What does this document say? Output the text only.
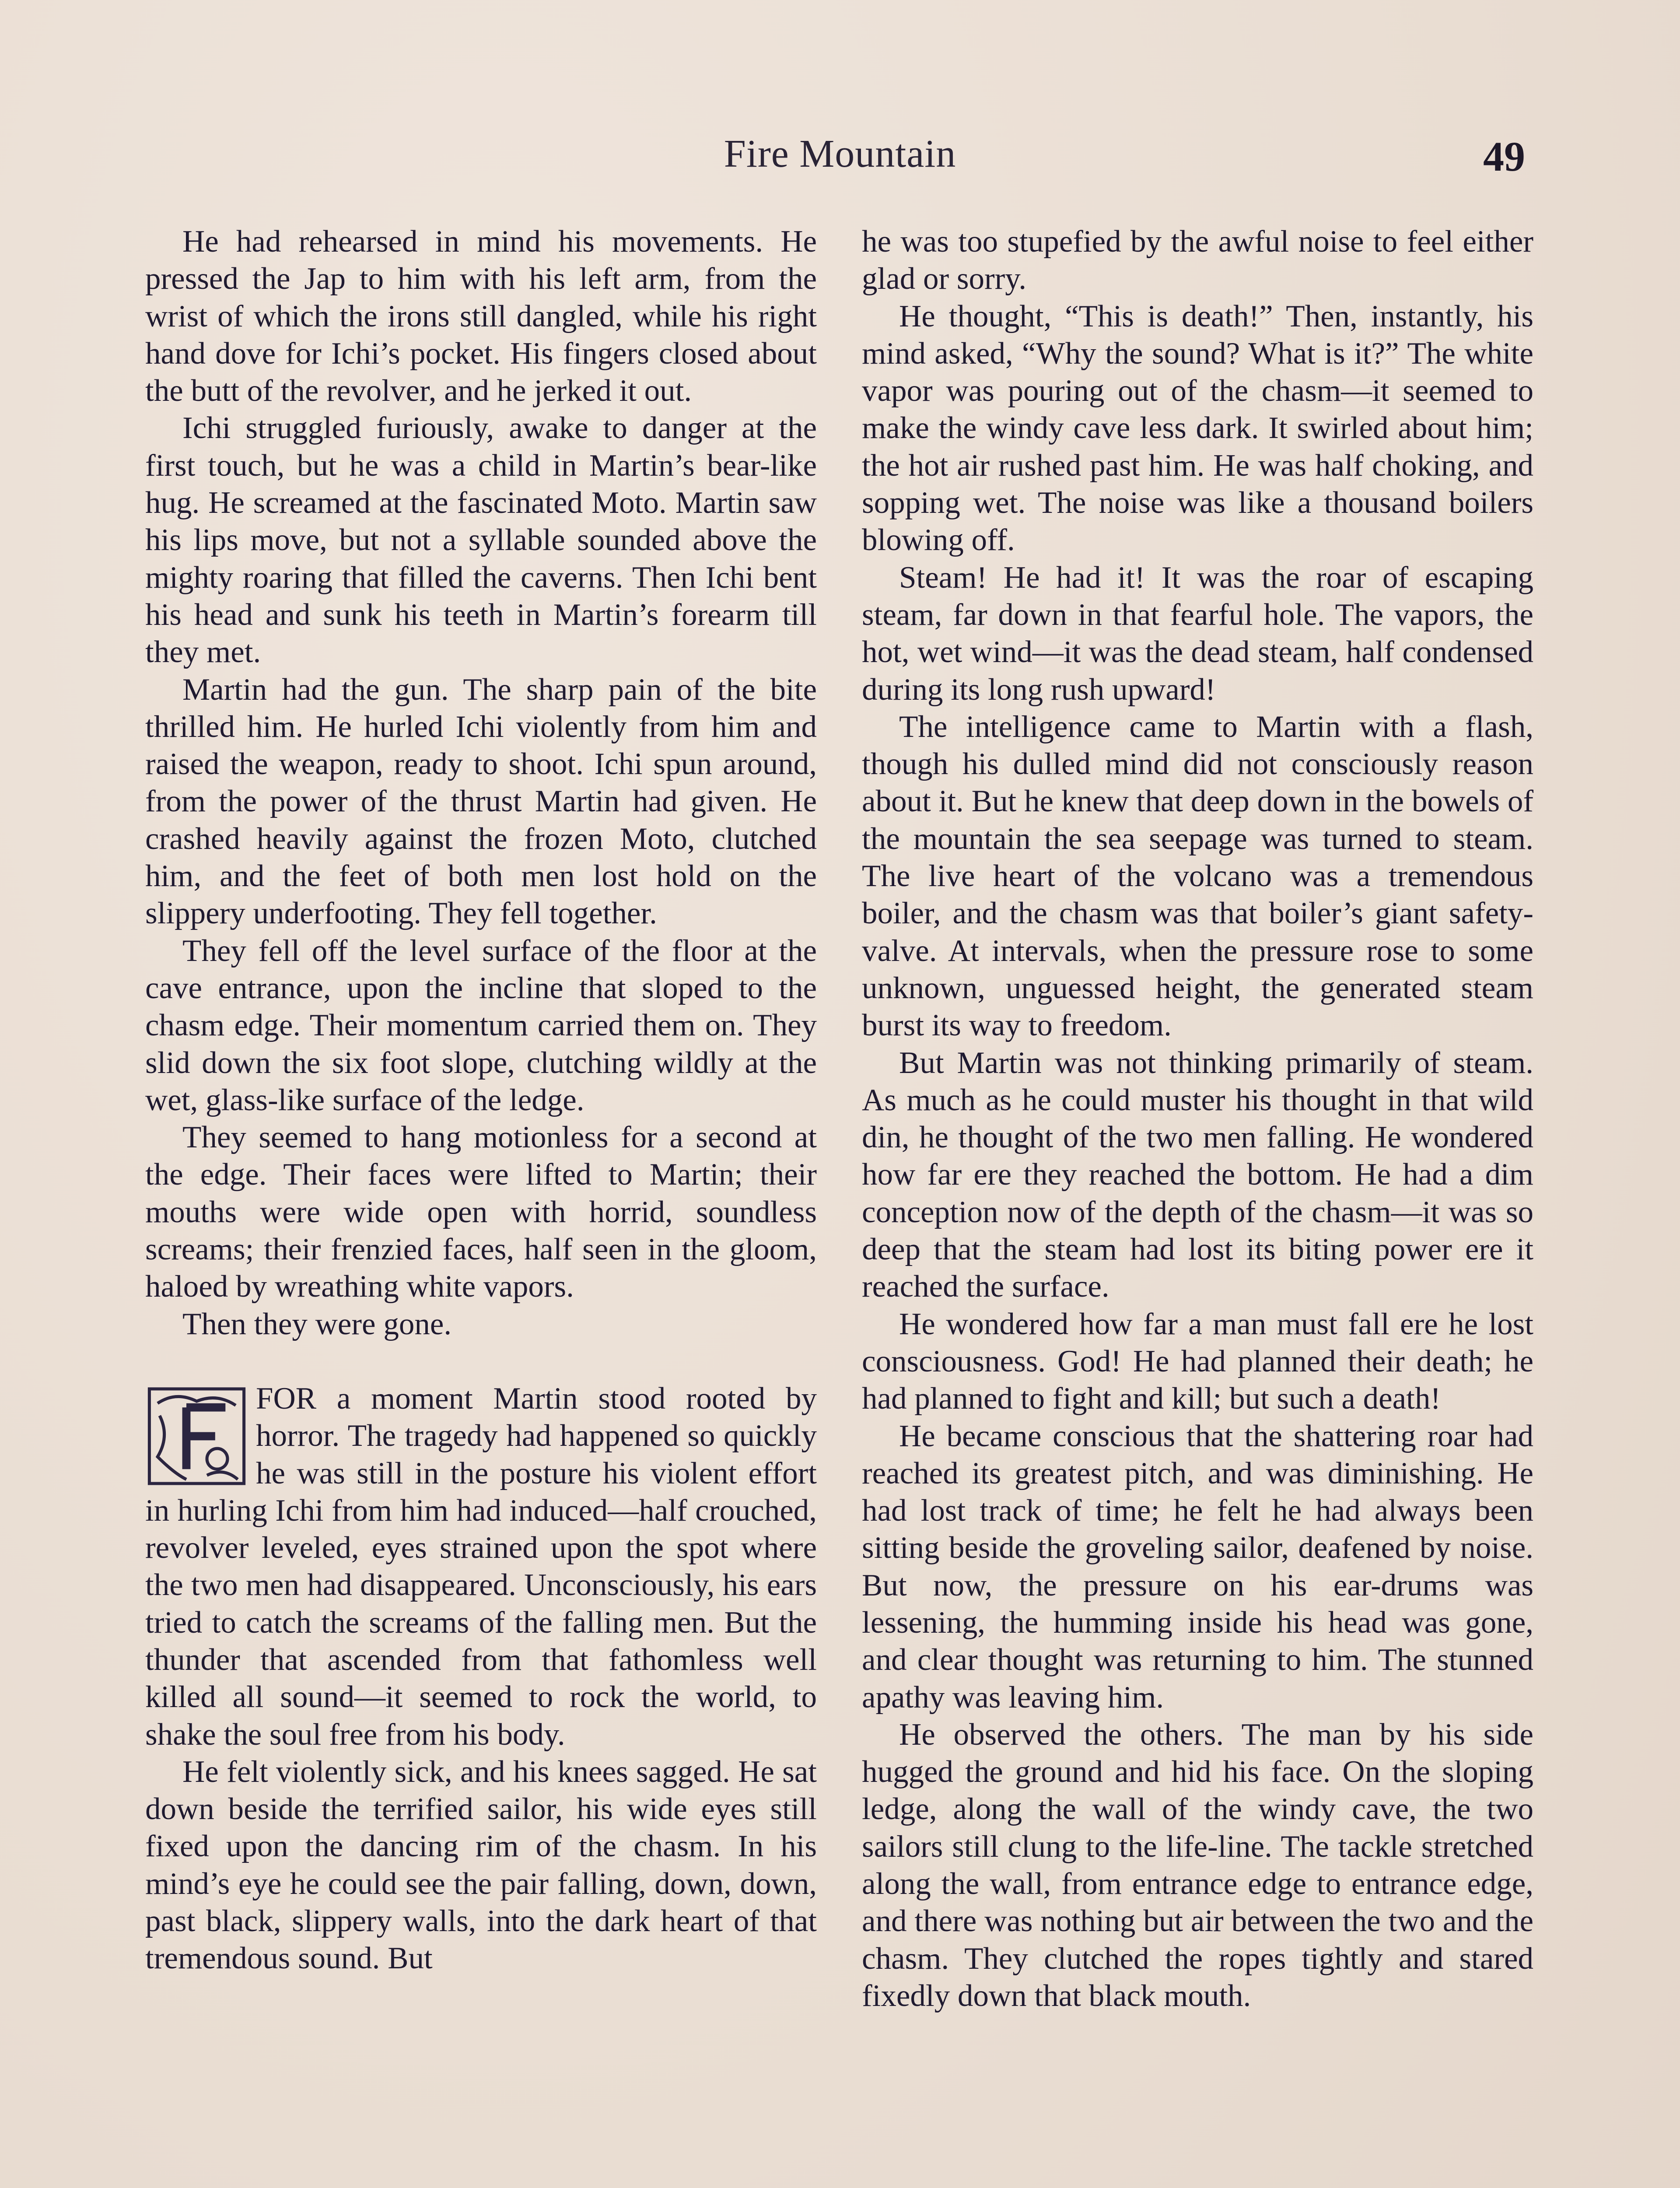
Fire Mountain	49

He had rehearsed in mind his movements. He pressed the Jap to him with his left arm, from the wrist of which the irons still dangled, while his right hand dove for Ichi’s pocket. His fingers closed about the butt of the revolver, and he jerked it out.

Ichi struggled furiously, awake to danger at the first touch, but he was a child in Martin’s bear-like hug. He screamed at the fascinated Moto. Martin saw his lips move, but not a syllable sounded above the mighty roaring that filled the caverns. Then Ichi bent his head and sunk his teeth in Martin’s forearm till they met.

Martin had the gun. The sharp pain of the bite thrilled him. He hurled Ichi violently from him and raised the weapon, ready to shoot. Ichi spun around, from the power of the thrust Martin had given. He crashed heavily against the frozen Moto, clutched him, and the feet of both men lost hold on the slippery underfooting. They fell together.

They fell off the level surface of the floor at the cave entrance, upon the incline that sloped to the chasm edge. Their momentum carried them on. They slid down the six foot slope, clutching wildly at the wet, glass-like surface of the ledge.

They seemed to hang motionless for a second at the edge. Their faces were lifted to Martin; their mouths were wide open with horrid, soundless screams; their frenzied faces, half seen in the gloom, haloed by wreathing white vapors.

Then they were gone.

FOR a moment Martin stood rooted by horror. The tragedy had happened so quickly he was still in the posture his violent effort in hurling Ichi from him had induced—half crouched, revolver leveled, eyes strained upon the spot where the two men had disappeared. Unconsciously, his ears tried to catch the screams of the falling men. But the thunder that ascended from that fathomless well killed all sound—it seemed to rock the world, to shake the soul free from his body.

He felt violently sick, and his knees sagged. He sat down beside the terrified sailor, his wide eyes still fixed upon the dancing rim of the chasm. In his mind’s eye he could see the pair falling, down, down, past black, slippery walls, into the dark heart of that tremendous sound. But

he was too stupefied by the awful noise to feel either glad or sorry.

He thought, “This is death!” Then, instantly, his mind asked, “Why the sound? What is it?” The white vapor was pouring out of the chasm—it seemed to make the windy cave less dark. It swirled about him; the hot air rushed past him. He was half choking, and sopping wet. The noise was like a thousand boilers blowing off.

Steam! He had it! It was the roar of escaping steam, far down in that fearful hole. The vapors, the hot, wet wind—it was the dead steam, half condensed during its long rush upward!

The intelligence came to Martin with a flash, though his dulled mind did not consciously reason about it. But he knew that deep down in the bowels of the mountain the sea seepage was turned to steam. The live heart of the volcano was a tremendous boiler, and the chasm was that boiler’s giant safety-valve. At intervals, when the pressure rose to some unknown, unguessed height, the generated steam burst its way to freedom.

But Martin was not thinking primarily of steam. As much as he could muster his thought in that wild din, he thought of the two men falling. He wondered how far ere they reached the bottom. He had a dim conception now of the depth of the chasm—it was so deep that the steam had lost its biting power ere it reached the surface.

He wondered how far a man must fall ere he lost consciousness. God! He had planned their death; he had planned to fight and kill; but such a death!

He became conscious that the shattering roar had reached its greatest pitch, and was diminishing. He had lost track of time; he felt he had always been sitting beside the groveling sailor, deafened by noise. But now, the pressure on his ear-drums was lessening, the humming inside his head was gone, and clear thought was returning to him. The stunned apathy was leaving him.

He observed the others. The man by his side hugged the ground and hid his face. On the sloping ledge, along the wall of the windy cave, the two sailors still clung to the life-line. The tackle stretched along the wall, from entrance edge to entrance edge, and there was nothing but air between the two and the chasm. They clutched the ropes tightly and stared fixedly down that black mouth.
